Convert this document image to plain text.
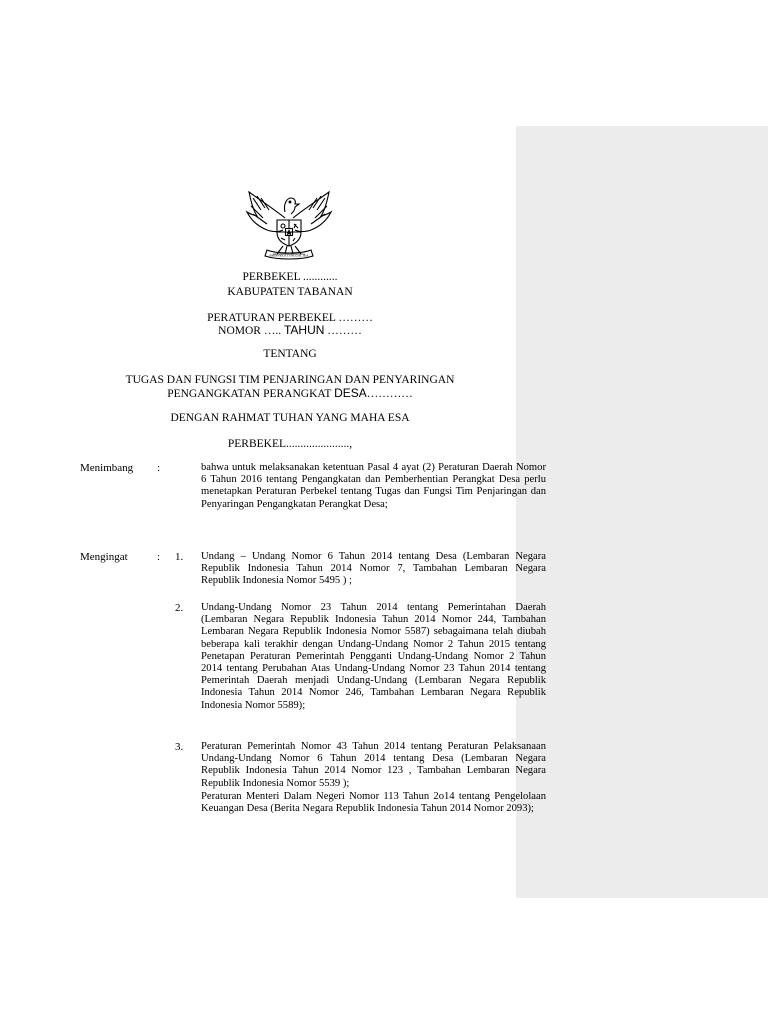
BHINNEKA TUNGGAL IKA
PERBEKEL ............
KABUPATEN TABANAN
PERATURAN PERBEKEL ………
NOMOR ….. TAHUN ………
TENTANG
TUGAS DAN FUNGSI TIM PENJARINGAN DAN PENYARINGAN
PENGANGKATAN PERANGKAT DESA…………
DENGAN RAHMAT TUHAN YANG MAHA ESA
PERBEKEL......................,
Menimbang :	bahwa untuk melaksanakan ketentuan Pasal 4 ayat (2) Peraturan Daerah Nomor 6 Tahun 2016 tentang Pengangkatan dan Pemberhentian Perangkat Desa perlu menetapkan Peraturan Perbekel tentang Tugas dan Fungsi Tim Penjaringan dan Penyaringan Pengangkatan Perangkat Desa;
Mengingat	: 1. Undang – Undang Nomor 6 Tahun 2014 tentang Desa (Lembaran Negara Republik Indonesia Tahun 2014 Nomor 7, Tambahan Lembaran Negara Republik Indonesia Nomor 5495 ) ;
2. Undang-Undang Nomor 23 Tahun 2014 tentang Pemerintahan Daerah (Lembaran Negara Republik Indonesia Tahun 2014 Nomor 244, Tambahan Lembaran Negara Republik Indonesia Nomor 5587) sebagaimana telah diubah beberapa kali terakhir dengan Undang-Undang Nomor 2 Tahun 2015 tentang Penetapan Peraturan Pemerintah Pengganti Undang-Undang Nomor 2 Tahun 2014 tentang Perubahan Atas Undang-Undang Nomor 23 Tahun 2014 tentang Pemerintah Daerah menjadi Undang-Undang (Lembaran Negara Republik Indonesia Tahun 2014 Nomor 246, Tambahan Lembaran Negara Republik Indonesia Nomor 5589);
3. Peraturan Pemerintah Nomor 43 Tahun 2014 tentang Peraturan Pelaksanaan Undang-Undang Nomor 6 Tahun 2014 tentang Desa (Lembaran Negara Republik Indonesia Tahun 2014 Nomor 123 , Tambahan Lembaran Negara Republik Indonesia Nomor 5539 );
Peraturan Menteri Dalam Negeri Nomor 113 Tahun 2o14 tentang Pengelolaan Keuangan Desa (Berita Negara Republik Indonesia Tahun 2014 Nomor 2093);
